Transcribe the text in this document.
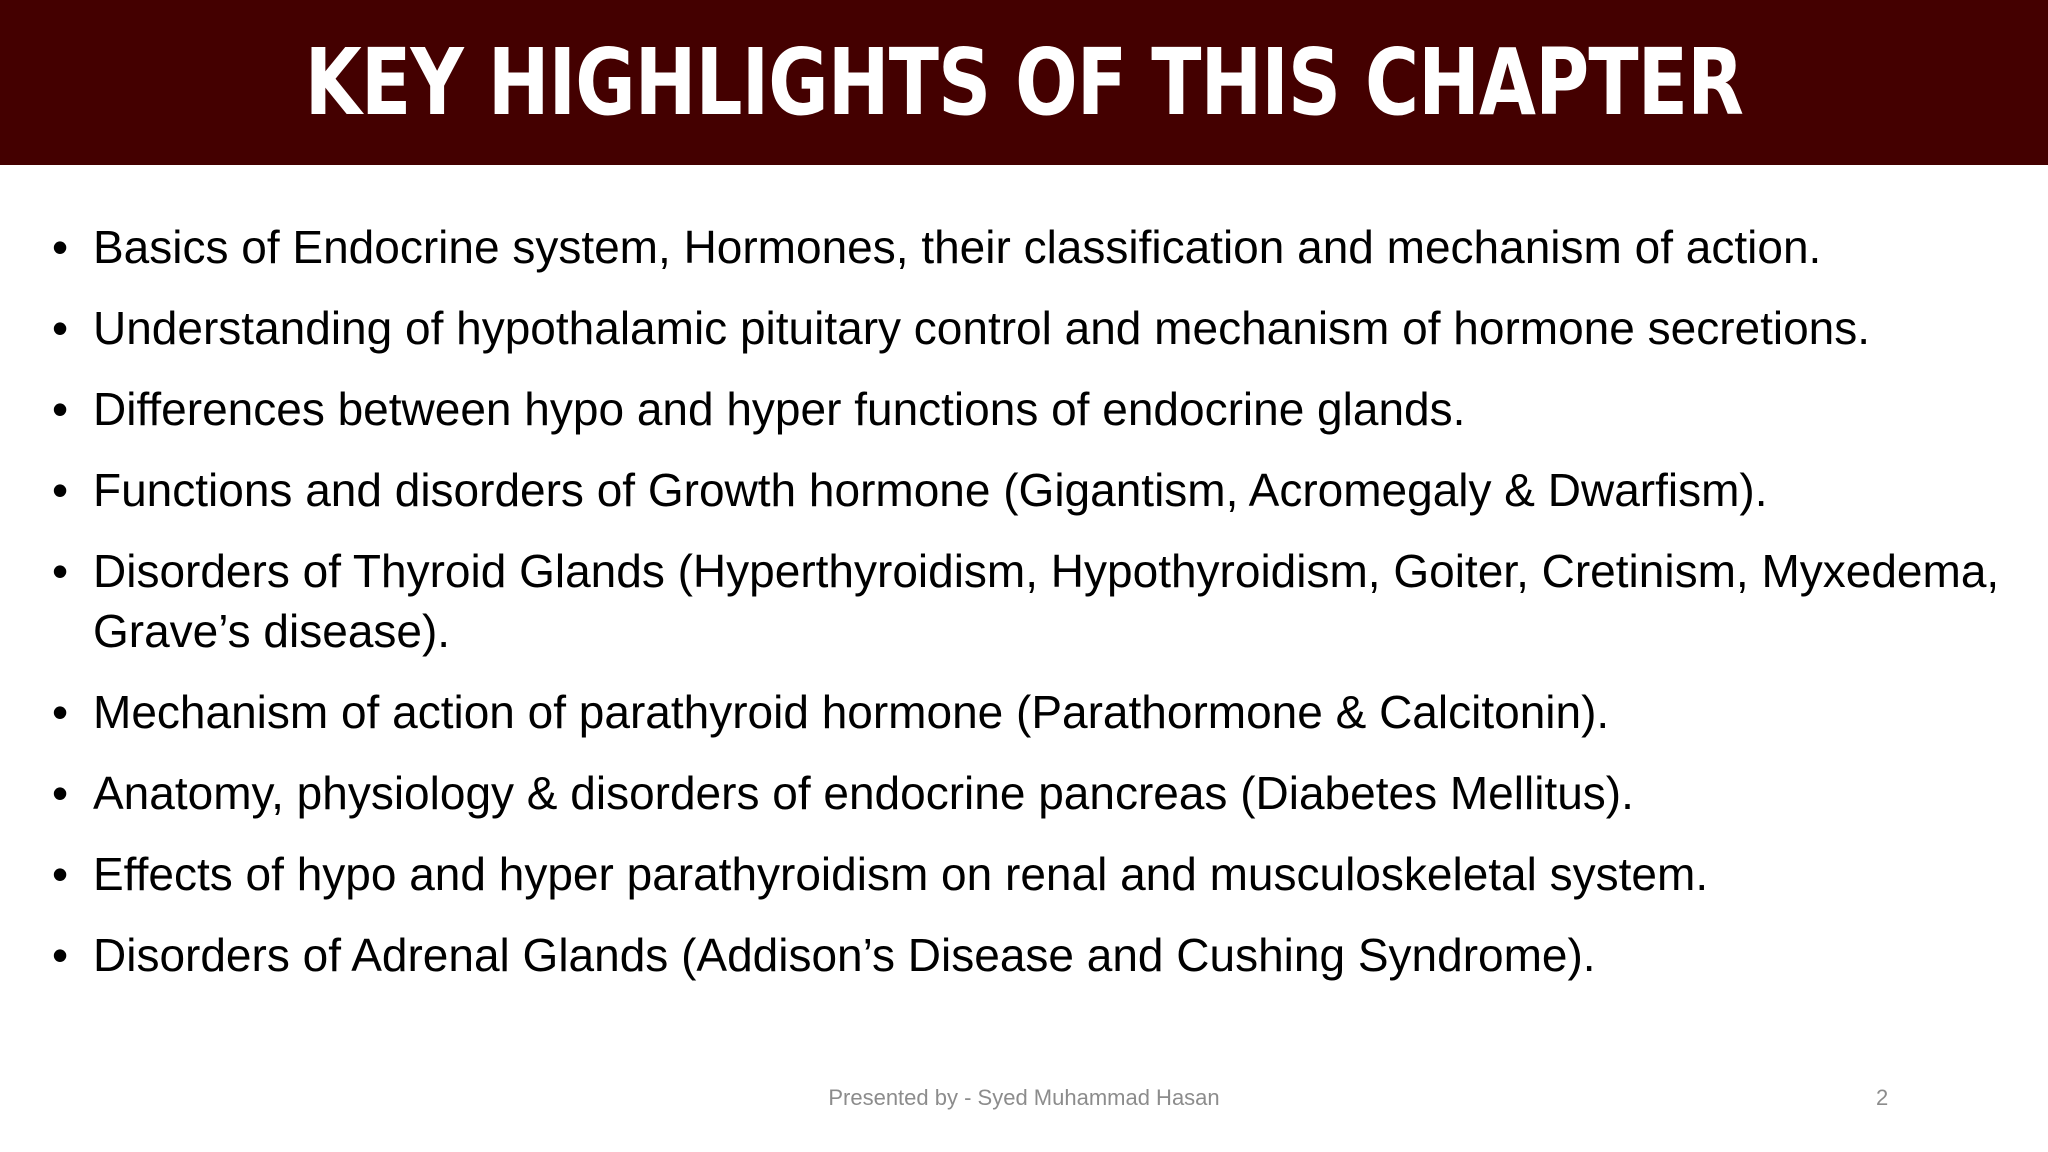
KEY HIGHLIGHTS OF THIS CHAPTER
• Basics of Endocrine system, Hormones, their classification and mechanism of action.
• Understanding of hypothalamic pituitary control and mechanism of hormone secretions.
• Differences between hypo and hyper functions of endocrine glands.
• Functions and disorders of Growth hormone (Gigantism, Acromegaly & Dwarfism).
• Disorders of Thyroid Glands (Hyperthyroidism, Hypothyroidism, Goiter, Cretinism, Myxedema, Grave’s disease).
• Mechanism of action of parathyroid hormone (Parathormone & Calcitonin).
• Anatomy, physiology & disorders of endocrine pancreas (Diabetes Mellitus).
• Effects of hypo and hyper parathyroidism on renal and musculoskeletal system.
• Disorders of Adrenal Glands (Addison’s Disease and Cushing Syndrome).
Presented by - Syed Muhammad Hasan	2
